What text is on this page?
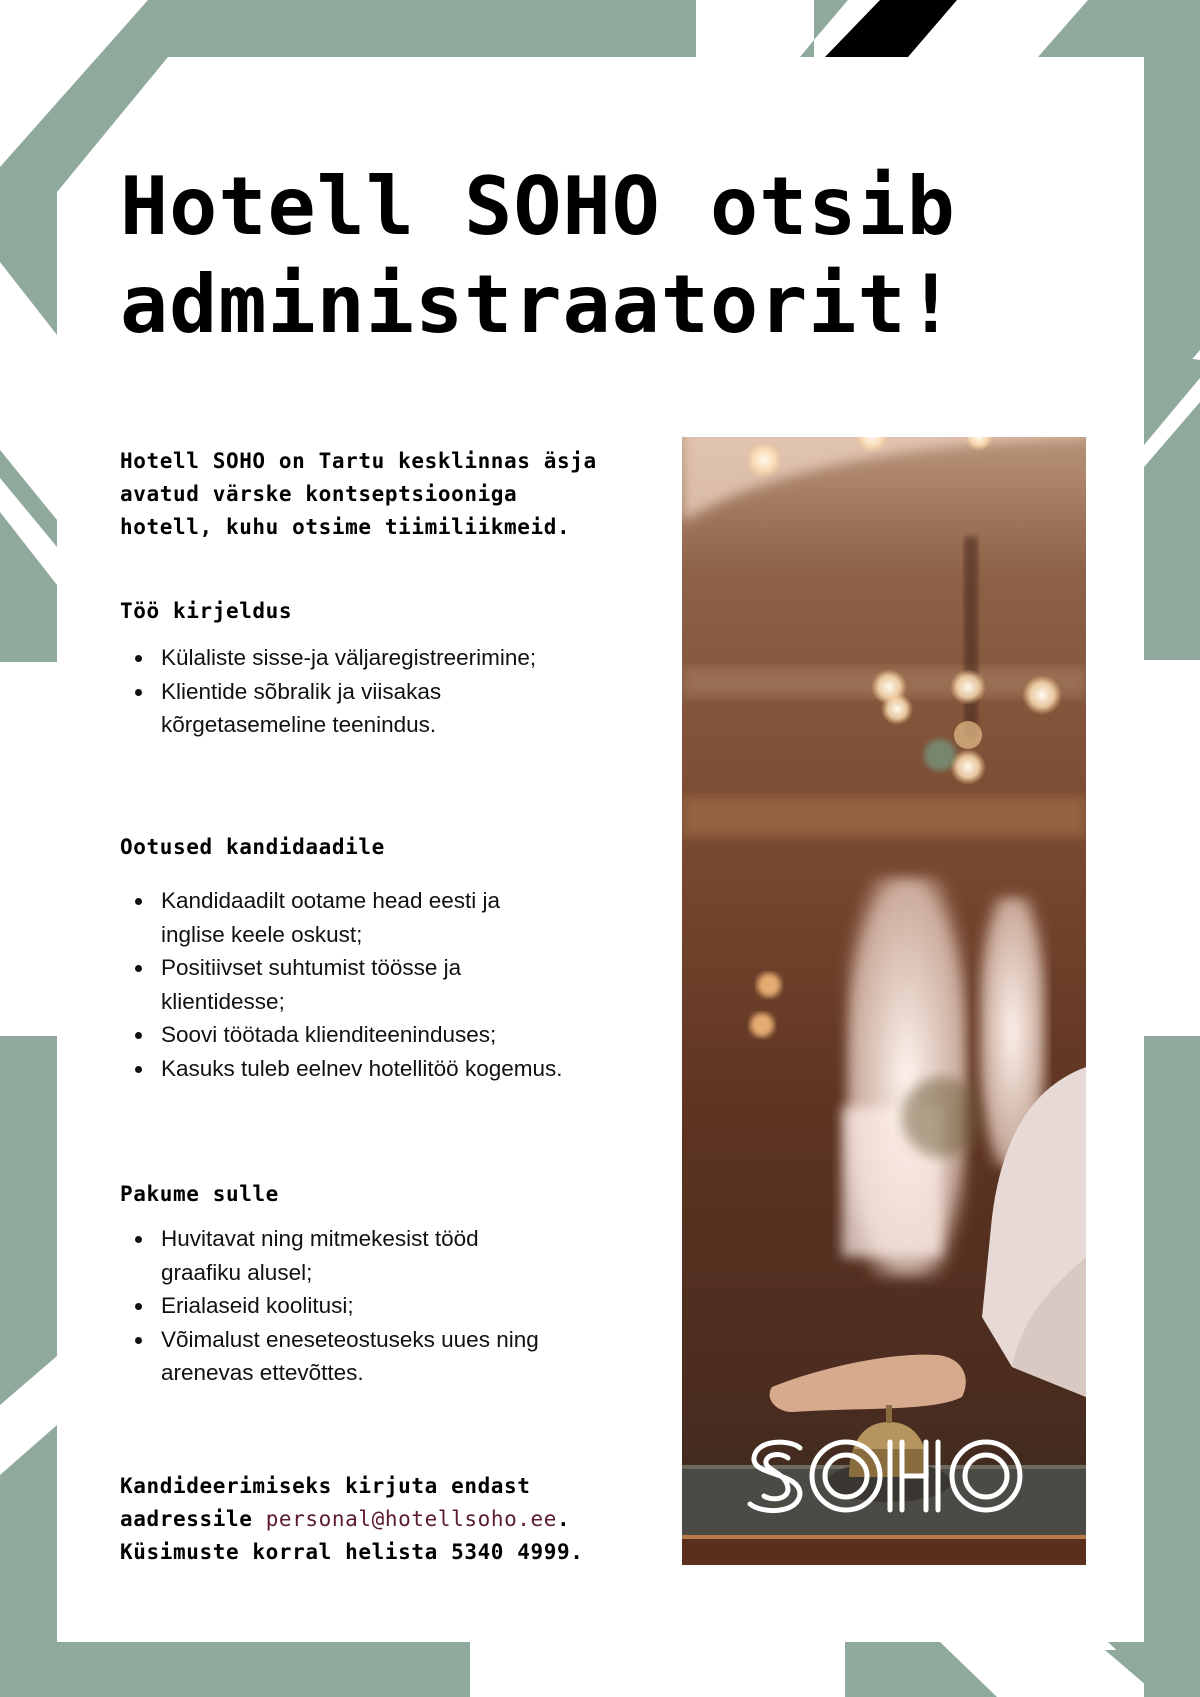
Hotell SOHO otsib
administraatorit!

Hotell SOHO on Tartu kesklinnas äsja
avatud värske kontseptsiooniga
hotell, kuhu otsime tiimiliikmeid.

Töö kirjeldus
Külaliste sisse-ja väljaregistreerimine;
Klientide sõbralik ja viisakas kõrgetasemeline teenindus.
Ootused kandidaadile
Kandidaadilt ootame head eesti ja inglise keele oskust;
Positiivset suhtumist töösse ja klientidesse;
Soovi töötada klienditeeninduses;
Kasuks tuleb eelnev hotellitöö kogemus.
Pakume sulle
Huvitavat ning mitmekesist tööd graafiku alusel;
Erialaseid koolitusi;
Võimalust eneseteostuseks uues ning arenevas ettevõttes.

Kandideerimiseks kirjuta endast
aadressile personal@hotellsoho.ee.
Küsimuste korral helista 5340 4999.
